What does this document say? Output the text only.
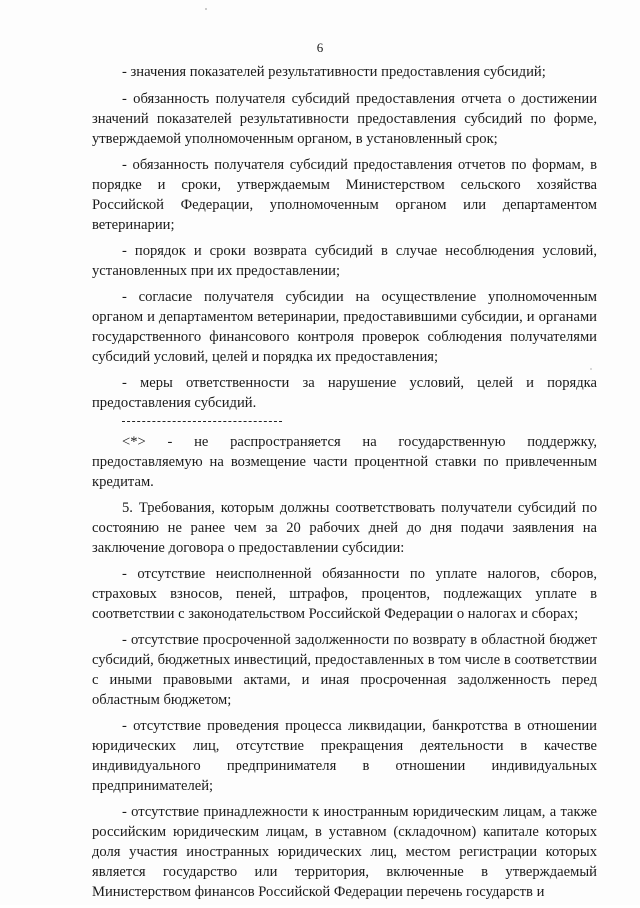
6

- значения показателей результативности предоставления субсидий;

- обязанность получателя субсидий предоставления отчета о достижении значений показателей результативности предоставления субсидий по форме, утверждаемой уполномоченным органом, в установленный срок;

- обязанность получателя субсидий предоставления отчетов по формам, в порядке и сроки, утверждаемым Министерством сельского хозяйства Российской Федерации, уполномоченным органом или департаментом ветеринарии;

- порядок и сроки возврата субсидий в случае несоблюдения условий, установленных при их предоставлении;

- согласие получателя субсидии на осуществление уполномоченным органом и департаментом ветеринарии, предоставившими субсидии, и органами государственного финансового контроля проверок соблюдения получателями субсидий условий, целей и порядка их предоставления;

- меры ответственности за нарушение условий, целей и порядка предоставления субсидий.

<*> - не распространяется на государственную поддержку, предоставляемую на возмещение части процентной ставки по привлеченным кредитам.

5. Требования, которым должны соответствовать получатели субсидий по состоянию не ранее чем за 20 рабочих дней до дня подачи заявления на заключение договора о предоставлении субсидии:

- отсутствие неисполненной обязанности по уплате налогов, сборов, страховых взносов, пеней, штрафов, процентов, подлежащих уплате в соответствии с законодательством Российской Федерации о налогах и сборах;

- отсутствие просроченной задолженности по возврату в областной бюджет субсидий, бюджетных инвестиций, предоставленных в том числе в соответствии с иными правовыми актами, и иная просроченная задолженность перед областным бюджетом;

- отсутствие проведения процесса ликвидации, банкротства в отношении юридических лиц, отсутствие прекращения деятельности в качестве индивидуального предпринимателя в отношении индивидуальных предпринимателей;

- отсутствие принадлежности к иностранным юридическим лицам, а также российским юридическим лицам, в уставном (складочном) капитале которых доля участия иностранных юридических лиц, местом регистрации которых является государство или территория, включенные в утверждаемый Министерством финансов Российской Федерации перечень государств и
